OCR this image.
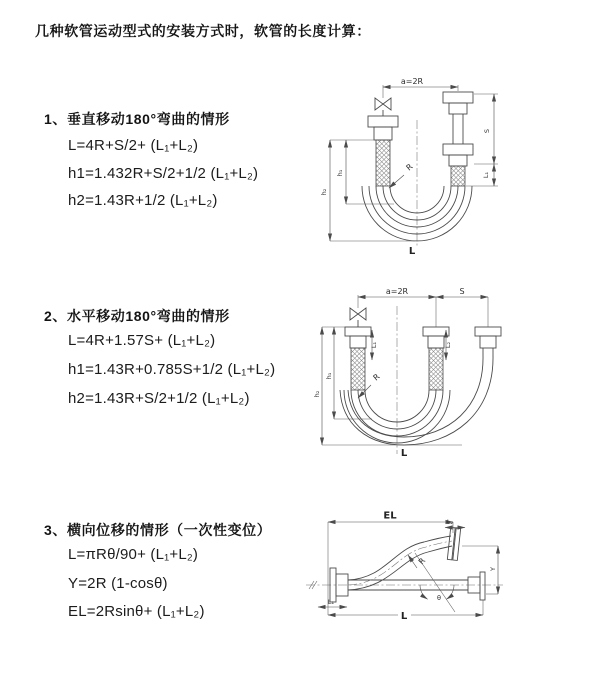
几种软管运动型式的安装方式时，软管的长度计算：
1、垂直移动180°弯曲的情形
L=4R+S/2+ (L₁+L₂)
h1=1.432R+S/2+1/2 (L₁+L₂)
h2=1.43R+1/2 (L₁+L₂)
2、水平移动180°弯曲的情形
L=4R+1.57S+ (L₁+L₂)
h1=1.43R+0.785S+1/2 (L₁+L₂)
h2=1.43R+S/2+1/2 (L₁+L₂)
3、横向位移的情形（一次性变位）
L=πRθ/90+ (L₁+L₂)
Y=2R (1-cosθ)
EL=2Rsinθ+ (L₁+L₂)
a=2R
S
L₁
h₁
h₂
R
L
a=2R	S
L₁	L₂
h₁
h₂
R
L
EL
L₂
Y
R
θ
L
L₁
